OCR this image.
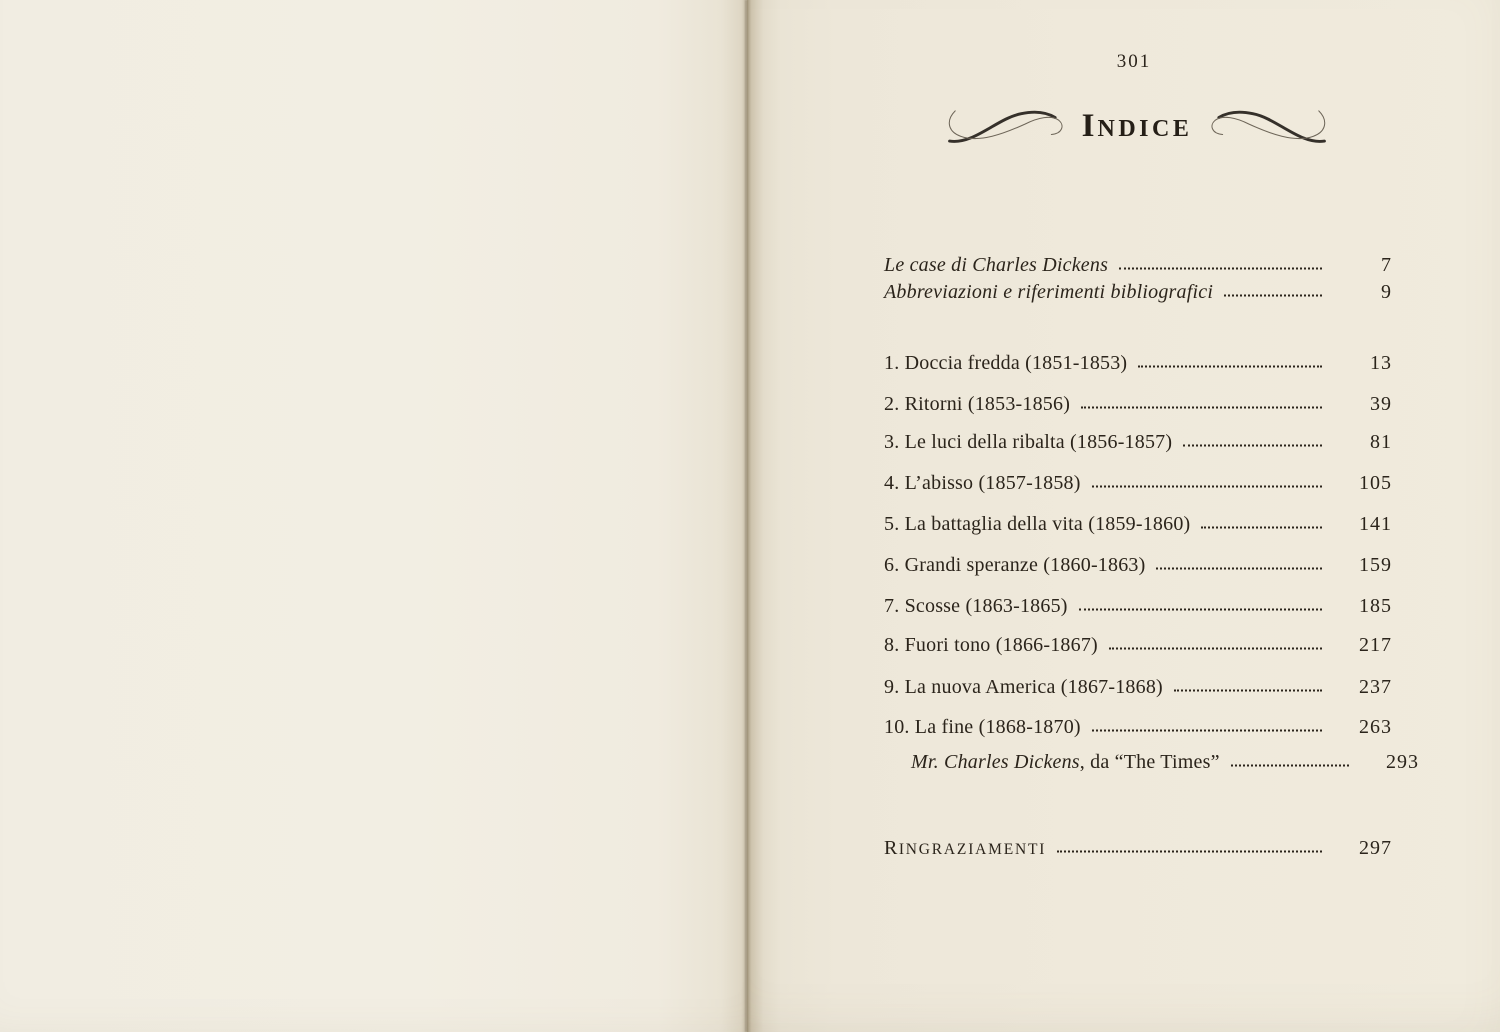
301
INDICE
Le case di Charles Dickens	7
Abbreviazioni e riferimenti bibliografici	9
1. Doccia fredda (1851-1853)	13
2. Ritorni (1853-1856)	39
3. Le luci della ribalta (1856-1857)	81
4. L’abisso (1857-1858)	105
5. La battaglia della vita (1859-1860)	141
6. Grandi speranze (1860-1863)	159
7. Scosse (1863-1865)	185
8. Fuori tono (1866-1867)	217
9. La nuova America (1867-1868)	237
10. La fine (1868-1870)	263
Mr. Charles Dickens, da “The Times”	293
RINGRAZIAMENTI	297
